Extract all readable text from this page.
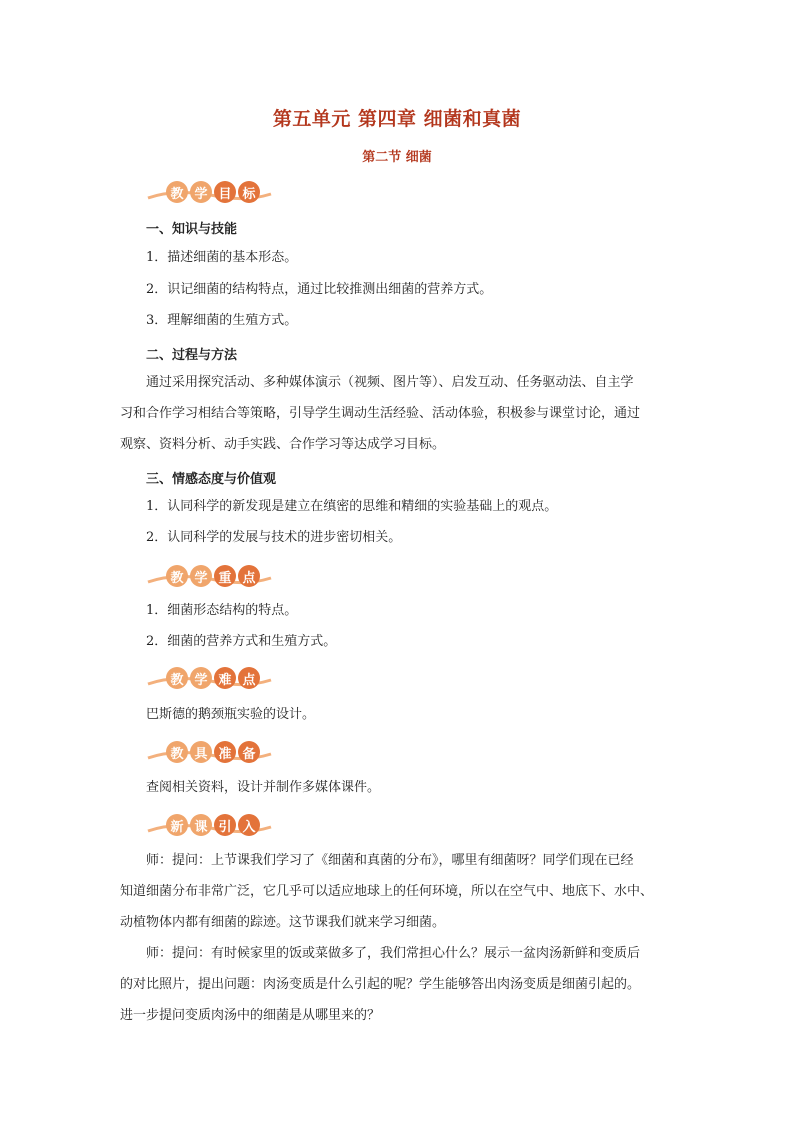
第五单元 第四章 细菌和真菌
第二节 细菌
教 学 目 标
一、知识与技能
1．描述细菌的基本形态。
2．识记细菌的结构特点，通过比较推测出细菌的营养方式。
3．理解细菌的生殖方式。
二、过程与方法
通过采用探究活动、多种媒体演示（视频、图片等）、启发互动、任务驱动法、自主学
习和合作学习相结合等策略，引导学生调动生活经验、活动体验，积极参与课堂讨论，通过
观察、资料分析、动手实践、合作学习等达成学习目标。
三、情感态度与价值观
1．认同科学的新发现是建立在缜密的思维和精细的实验基础上的观点。
2．认同科学的发展与技术的进步密切相关。
教 学 重 点
1．细菌形态结构的特点。
2．细菌的营养方式和生殖方式。
教 学 难 点
巴斯德的鹅颈瓶实验的设计。
教 具 准 备
查阅相关资料，设计并制作多媒体课件。
新 课 引 入
师：提问：上节课我们学习了《细菌和真菌的分布》，哪里有细菌呀？同学们现在已经
知道细菌分布非常广泛，它几乎可以适应地球上的任何环境，所以在空气中、地底下、水中、
动植物体内都有细菌的踪迹。这节课我们就来学习细菌。
师：提问：有时候家里的饭或菜做多了，我们常担心什么？展示一盆肉汤新鲜和变质后
的对比照片，提出问题：肉汤变质是什么引起的呢？学生能够答出肉汤变质是细菌引起的。
进一步提问变质肉汤中的细菌是从哪里来的？
